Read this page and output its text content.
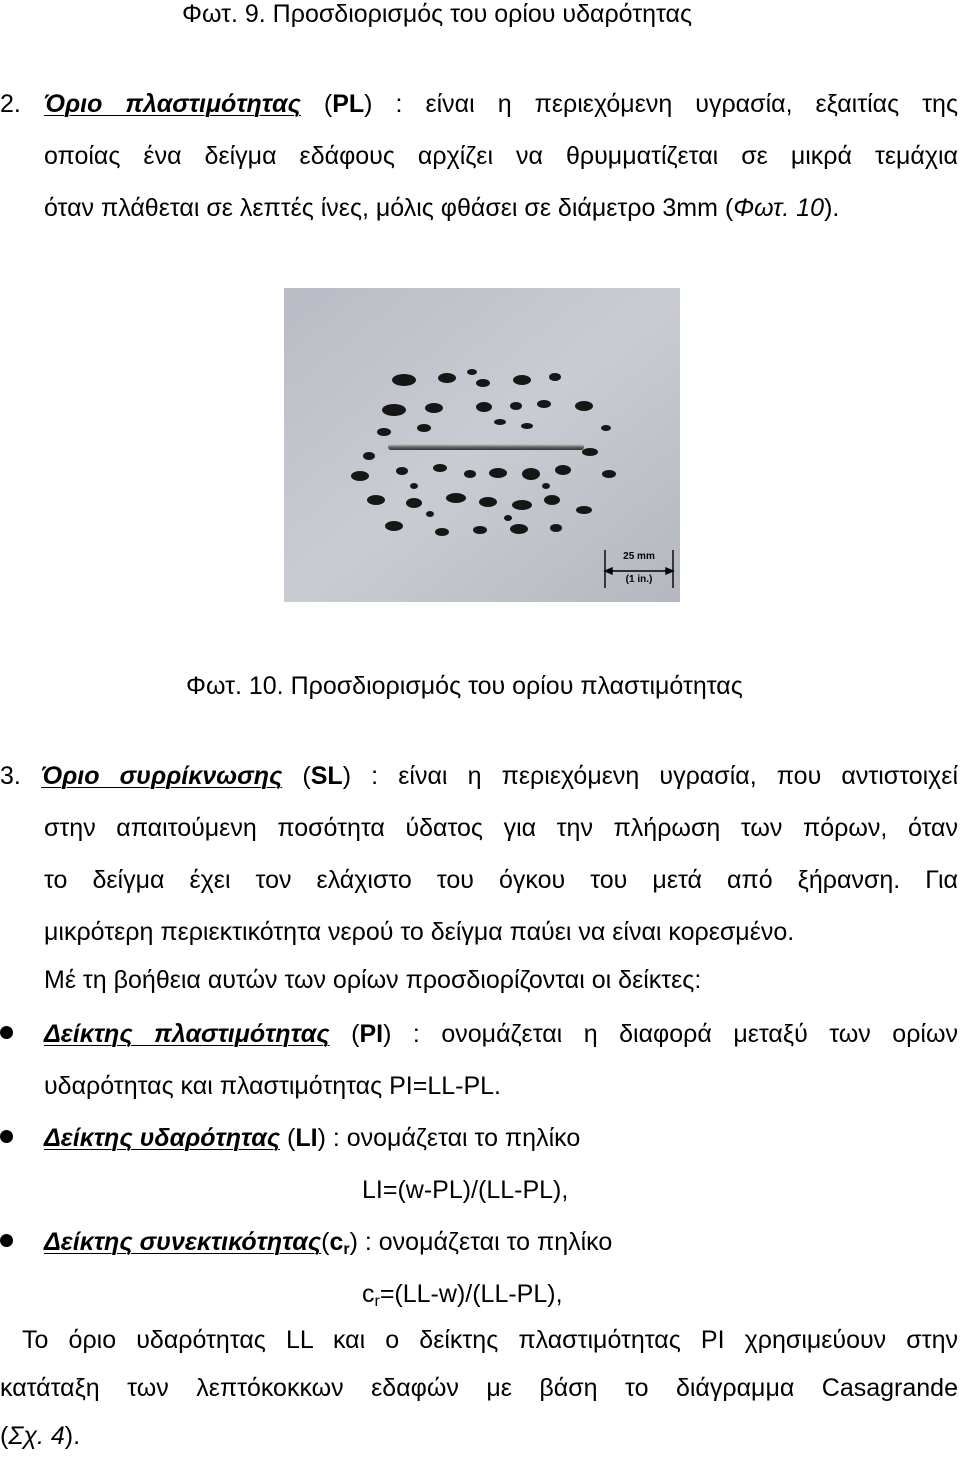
Φωτ. 9. Προσδιορισμός του ορίου υδαρότητας
2. Όριο πλαστιμότητας (PL) : είναι η περιεχόμενη υγρασία, εξαιτίας της
οποίας ένα δείγμα εδάφους αρχίζει να θρυμματίζεται σε μικρά τεμάχια
όταν πλάθεται σε λεπτές ίνες, μόλις φθάσει σε διάμετρο 3mm (Φωτ. 10).
25 mm
(1 in.)
Φωτ. 10. Προσδιορισμός του ορίου πλαστιμότητας
3. Όριο συρρίκνωσης (SL) : είναι η περιεχόμενη υγρασία, που αντιστοιχεί
στην απαιτούμενη ποσότητα ύδατος για την πλήρωση των πόρων, όταν
το δείγμα έχει τον ελάχιστο του όγκου του μετά από ξήρανση. Για
μικρότερη περιεκτικότητα νερού το δείγμα παύει να είναι κορεσμένο.
Μέ τη βοήθεια αυτών των ορίων προσδιορίζονται οι δείκτες:
Δείκτης πλαστιμότητας (PI) : ονομάζεται η διαφορά μεταξύ των ορίων
υδαρότητας και πλαστιμότητας PI=LL-PL.
Δείκτης υδαρότητας (LI) : ονομάζεται το πηλίκο
LI=(w-PL)/(LL-PL),
Δείκτης $\sigma\upsilon\nu\varepsilon\kappa\tau\iota\kappa ό\tau\eta\tau\alpha\varsigma(c_r)$ : ονομάζεται το πηλίκο
$c_r=(LL-w)/(LL-PL)$,
Το όριο υδαρότητας LL και ο δείκτης πλαστιμότητας PI χρησιμεύουν στην
κατάταξη των λεπτόκοκκων εδαφών με βάση το διάγραμμα Casagrande
(Σχ. 4).
